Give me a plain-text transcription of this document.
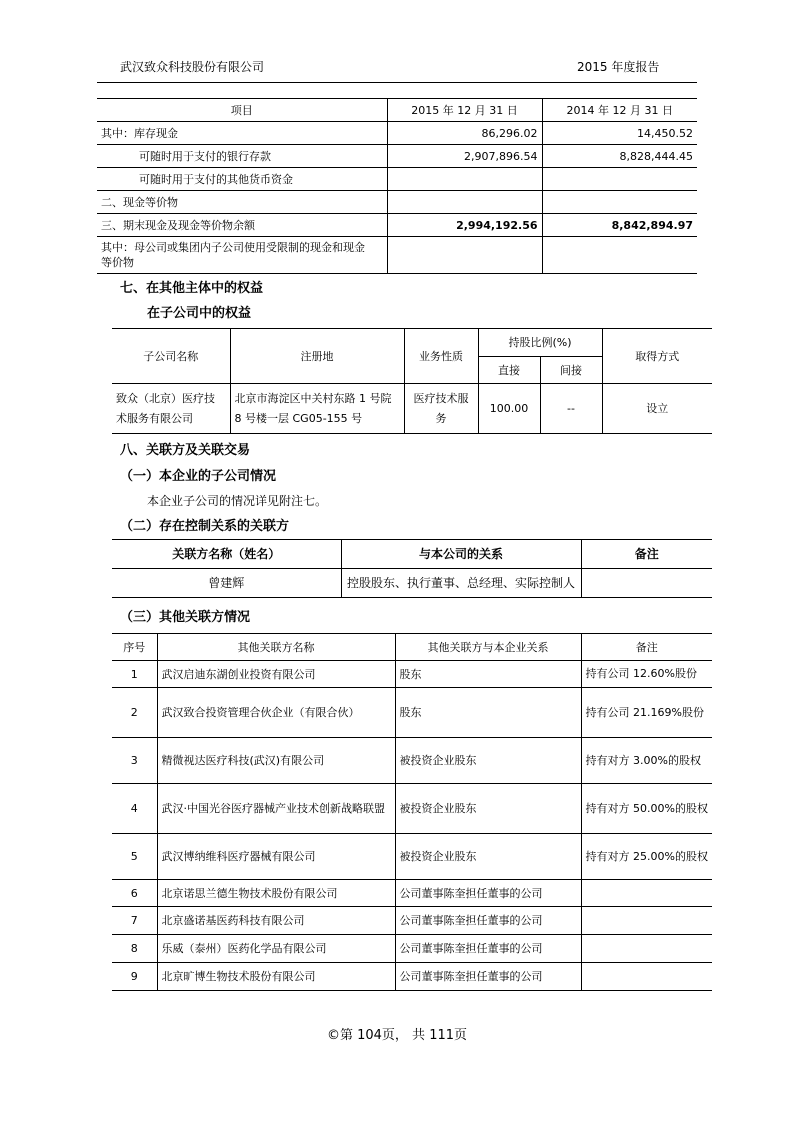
武汉致众科技股份有限公司	2015 年度报告
项目	2015 年 12 月 31 日	2014 年 12 月 31 日
其中：库存现金	86,296.02	14,450.52
可随时用于支付的银行存款	2,907,896.54	8,828,444.45
可随时用于支付的其他货币资金		
二、现金等价物		
三、期末现金及现金等价物余额	2,994,192.56	8,842,894.97
其中：母公司或集团内子公司使用受限制的现金和现金等价物		
七、在其他主体中的权益
在子公司中的权益
子公司名称	注册地	业务性质	持股比例(%)		取得方式
			直接	间接	
致众（北京）医疗技术服务有限公司	北京市海淀区中关村东路 1 号院 8 号楼一层 CG05-155 号	医疗技术服务	100.00	--	设立
八、关联方及关联交易
（一）本企业的子公司情况
本企业子公司的情况详见附注七。
（二）存在控制关系的关联方
关联方名称（姓名）	与本公司的关系	备注
曾建辉	控股股东、执行董事、总经理、实际控制人	
（三）其他关联方情况
序号	其他关联方名称	其他关联方与本企业关系	备注
1	武汉启迪东湖创业投资有限公司	股东	持有公司 12.60%股份
2	武汉致合投资管理合伙企业（有限合伙）	股东	持有公司 21.169%股份
3	精微视达医疗科技(武汉)有限公司	被投资企业股东	持有对方 3.00%的股权
4	武汉·中国光谷医疗器械产业技术创新战略联盟	被投资企业股东	持有对方 50.00%的股权
5	武汉博纳维科医疗器械有限公司	被投资企业股东	持有对方 25.00%的股权
6	北京诺思兰德生物技术股份有限公司	公司董事陈奎担任董事的公司	
7	北京盛诺基医药科技有限公司	公司董事陈奎担任董事的公司	
8	乐威（泰州）医药化学品有限公司	公司董事陈奎担任董事的公司	
9	北京旷博生物技术股份有限公司	公司董事陈奎担任董事的公司	
©第 104页， 共 111页
